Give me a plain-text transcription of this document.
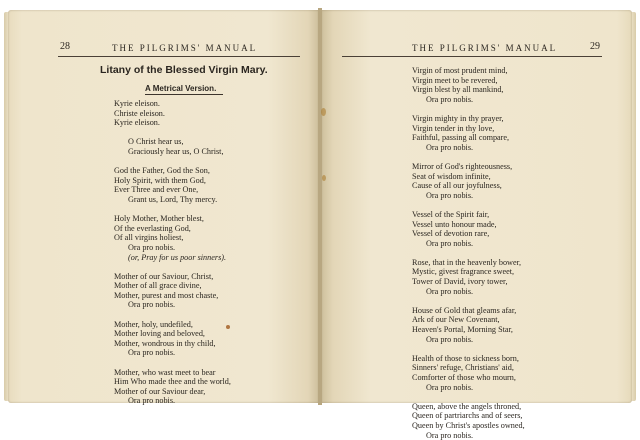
28	THE PILGRIMS' MANUAL
Litany of the Blessed Virgin Mary.
A Metrical Version.
Kyrie eleison.
Christe eleison.
Kyrie eleison.
O Christ hear us,
Graciously hear us, O Christ,
God the Father, God the Son,
Holy Spirit, with them God,
Ever Three and ever One,
Grant us, Lord, Thy mercy.
Holy Mother, Mother blest,
Of the everlasting God,
Of all virgins holiest,
Ora pro nobis.
(or, Pray for us poor sinners).
Mother of our Saviour, Christ,
Mother of all grace divine,
Mother, purest and most chaste,
Ora pro nobis.
Mother, holy, undefiled,
Mother loving and beloved,
Mother, wondrous in thy child,
Ora pro nobis.
Mother, who wast meet to bear
Him Who made thee and the world,
Mother of our Saviour dear,
Ora pro nobis.
THE PILGRIMS' MANUAL	29
Virgin of most prudent mind,
Virgin meet to be revered,
Virgin blest by all mankind,
Ora pro nobis.
Virgin mighty in thy prayer,
Virgin tender in thy love,
Faithful, passing all compare,
Ora pro nobis.
Mirror of God's righteousness,
Seat of wisdom infinite,
Cause of all our joyfulness,
Ora pro nobis.
Vessel of the Spirit fair,
Vessel unto honour made,
Vessel of devotion rare,
Ora pro nobis.
Rose, that in the heavenly bower,
Mystic, givest fragrance sweet,
Tower of David, ivory tower,
Ora pro nobis.
House of Gold that gleams afar,
Ark of our New Covenant,
Heaven's Portal, Morning Star,
Ora pro nobis.
Health of those to sickness born,
Sinners' refuge, Christians' aid,
Comforter of those who mourn,
Ora pro nobis.
Queen, above the angels throned,
Queen of partriarchs and of seers,
Queen by Christ's apostles owned,
Ora pro nobis.
